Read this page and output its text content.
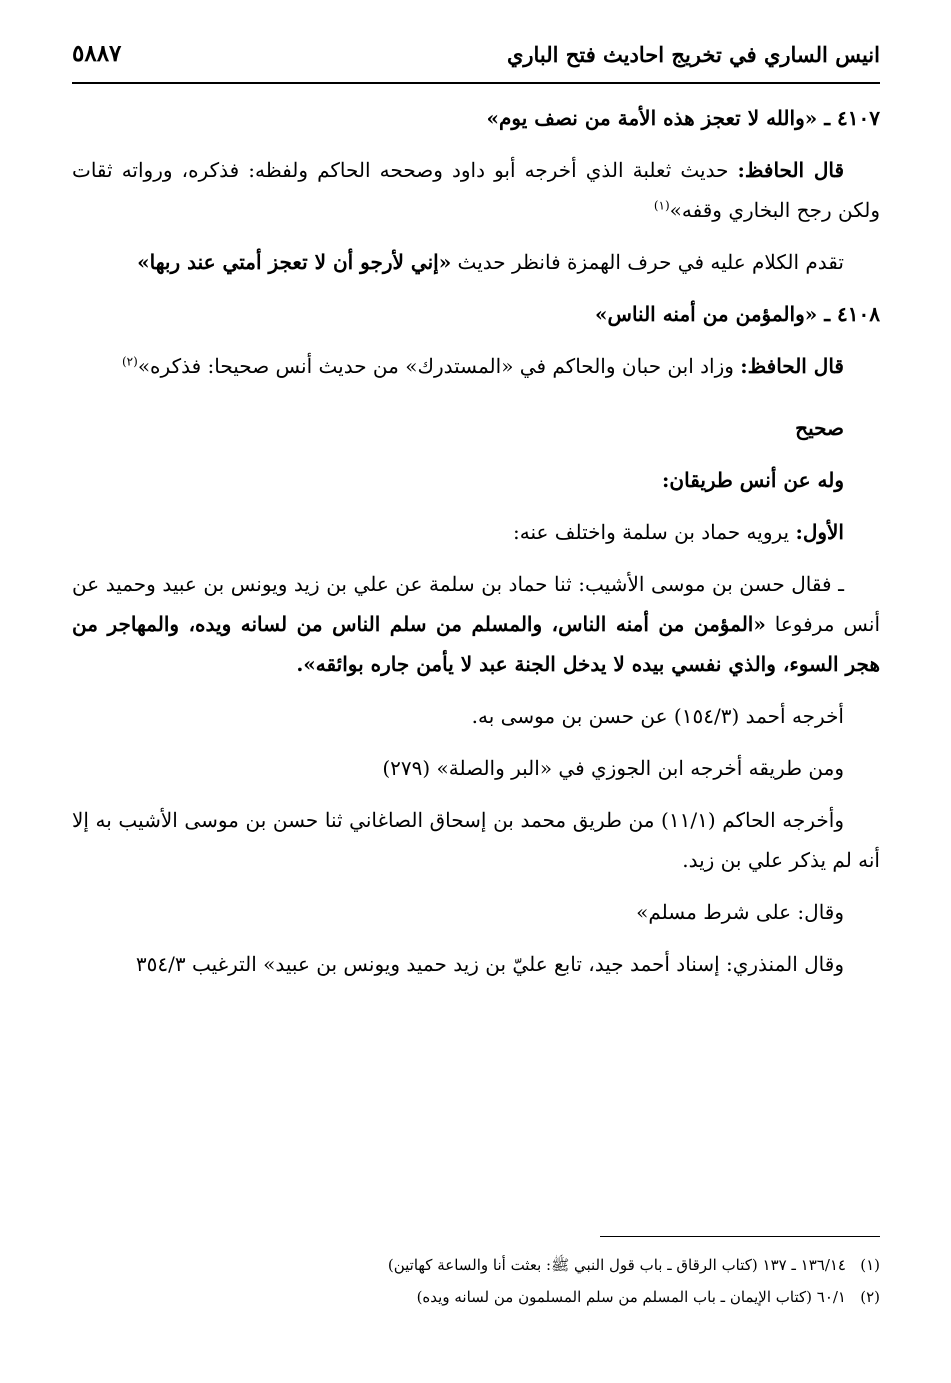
انيس الساري في تخريج احاديث فتح الباري
٥٨٨٧

٤١٠٧ ـ «والله لا تعجز هذه الأمة من نصف يوم»

قال الحافظ: حديث ثعلبة الذي أخرجه أبو داود وصححه الحاكم ولفظه: فذكره، ورواته ثقات ولكن رجح البخاري وقفه»$^{(١)}$

تقدم الكلام عليه في حرف الهمزة فانظر حديث «إني لأرجو أن لا تعجز أمتي عند ربها»

٤١٠٨ ـ «والمؤمن من أمنه الناس»

قال الحافظ: وزاد ابن حبان والحاكم في «المستدرك» من حديث أنس صحيحا: فذكره»$^{(٢)}$

صحيح

وله عن أنس طريقان:

الأول: يرويه حماد بن سلمة واختلف عنه:

ـ فقال حسن بن موسى الأشيب: ثنا حماد بن سلمة عن علي بن زيد ويونس بن عبيد وحميد عن أنس مرفوعا «المؤمن من أمنه الناس، والمسلم من سلم الناس من لسانه ويده، والمهاجر من هجر السوء، والذي نفسي بيده لا يدخل الجنة عبد لا يأمن جاره بوائقه».

أخرجه أحمد (١٥٤/٣) عن حسن بن موسى به.

ومن طريقه أخرجه ابن الجوزي في «البر والصلة» (٢٧٩)

وأخرجه الحاكم (١١/١) من طريق محمد بن إسحاق الصاغاني ثنا حسن بن موسى الأشيب به إلا أنه لم يذكر علي بن زيد.

وقال: على شرط مسلم»

وقال المنذري: إسناد أحمد جيد، تابع عليّ بن زيد حميد ويونس بن عبيد» الترغيب ٣٥٤/٣

(١)١٣٦/١٤ ـ ١٣٧ (كتاب الرقاق ـ باب قول النبي ﷺ: بعثت أنا والساعة كهاتين)
(٢)٦٠/١ (كتاب الإيمان ـ باب المسلم من سلم المسلمون من لسانه ويده)
